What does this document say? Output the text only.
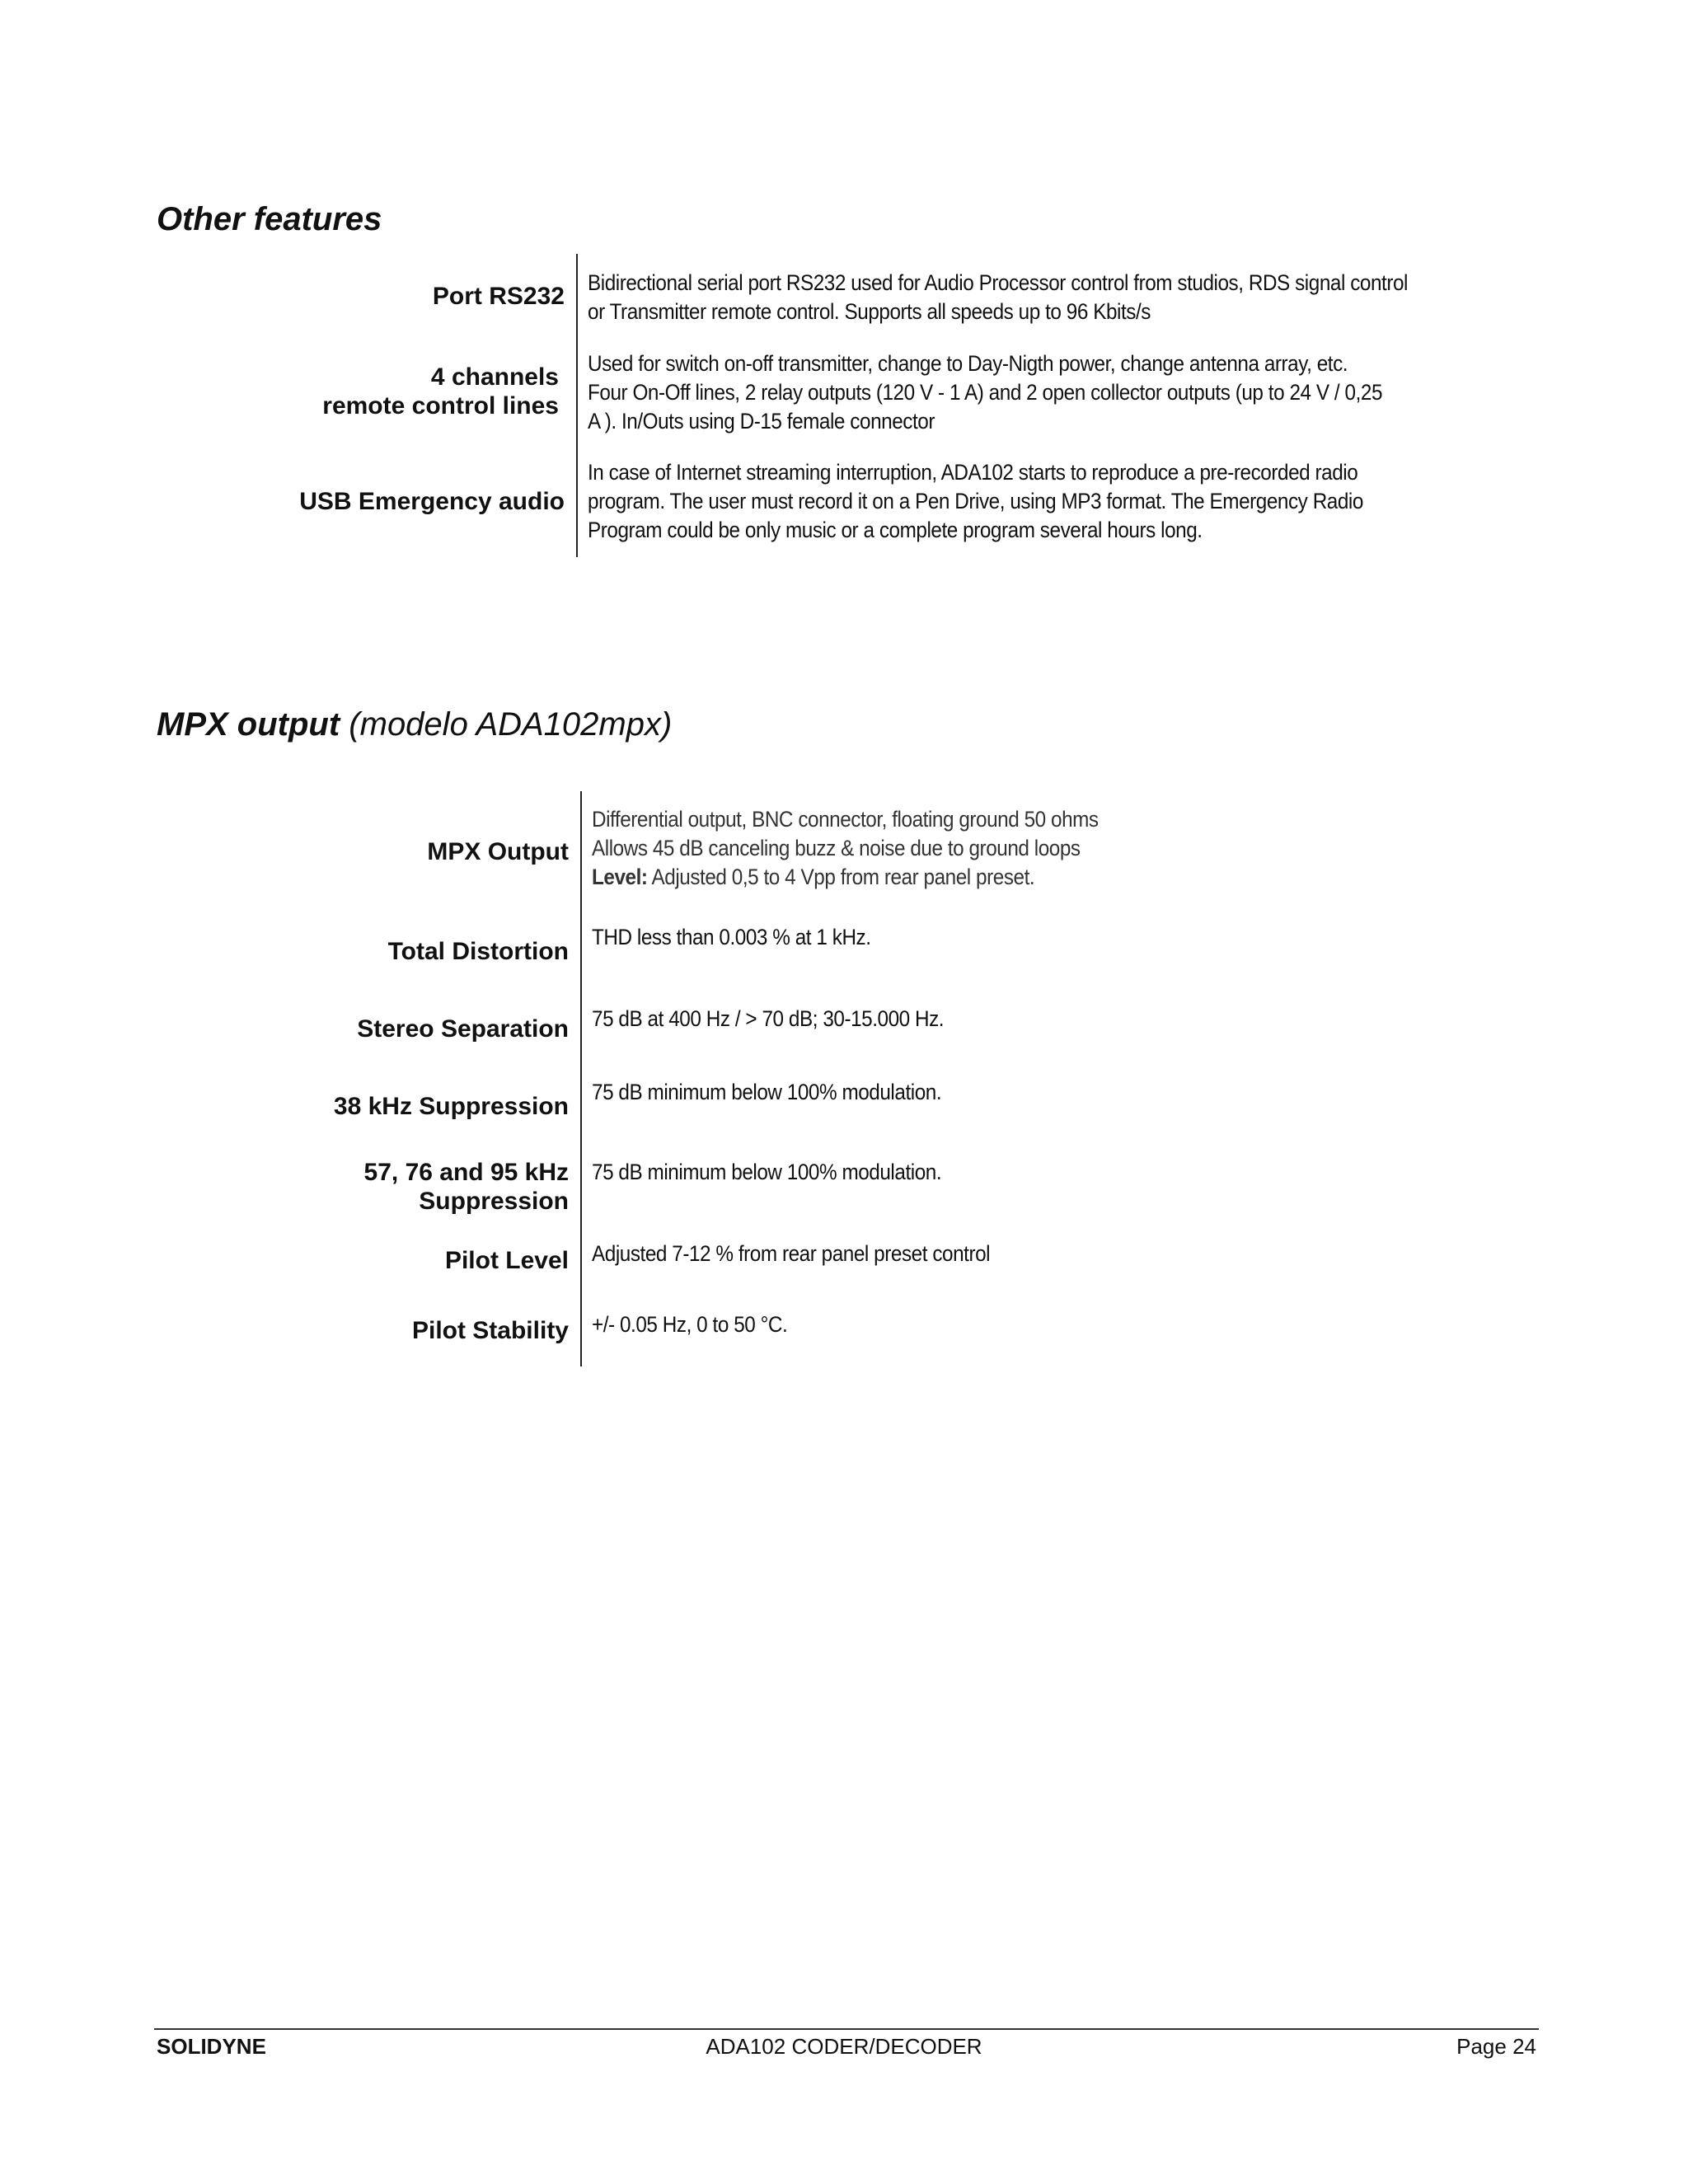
Other features
Port RS232 Bidirectional serial port RS232 used for Audio Processor control from studios, RDS signal control
or Transmitter remote control. Supports all speeds up to 96 Kbits/s
4 channels
remote control lines
Used for switch on-off transmitter, change to Day-Nigth power, change antenna array, etc.
Four On-Off lines, 2 relay outputs (120 V - 1 A) and 2 open collector outputs (up to 24 V / 0,25
A ). In/Outs using D-15 female connector
USB Emergency audio
In case of Internet streaming interruption, ADA102 starts to reproduce a pre-recorded radio
program. The user must record it on a Pen Drive, using MP3 format. The Emergency Radio
Program could be only music or a complete program several hours long.
MPX output (modelo ADA102mpx)
MPX Output
Differential output, BNC connector, floating ground 50 ohms
Allows 45 dB canceling buzz & noise due to ground loops
Level: Adjusted 0,5 to 4 Vpp from rear panel preset.
Total Distortion
THD less than 0.003 % at 1 kHz.
Stereo Separation 75 dB at 400 Hz / > 70 dB; 30-15.000 Hz.
38 kHz Suppression
75 dB minimum below 100% modulation.
57, 76 and 95 kHz
Suppression
75 dB minimum below 100% modulation.
Pilot Level Adjusted 7-12 % from rear panel preset control
Pilot Stability +/- 0.05 Hz, 0 to 50 °C.
SOLIDYNE	ADA102 CODER/DECODER	Page 24
